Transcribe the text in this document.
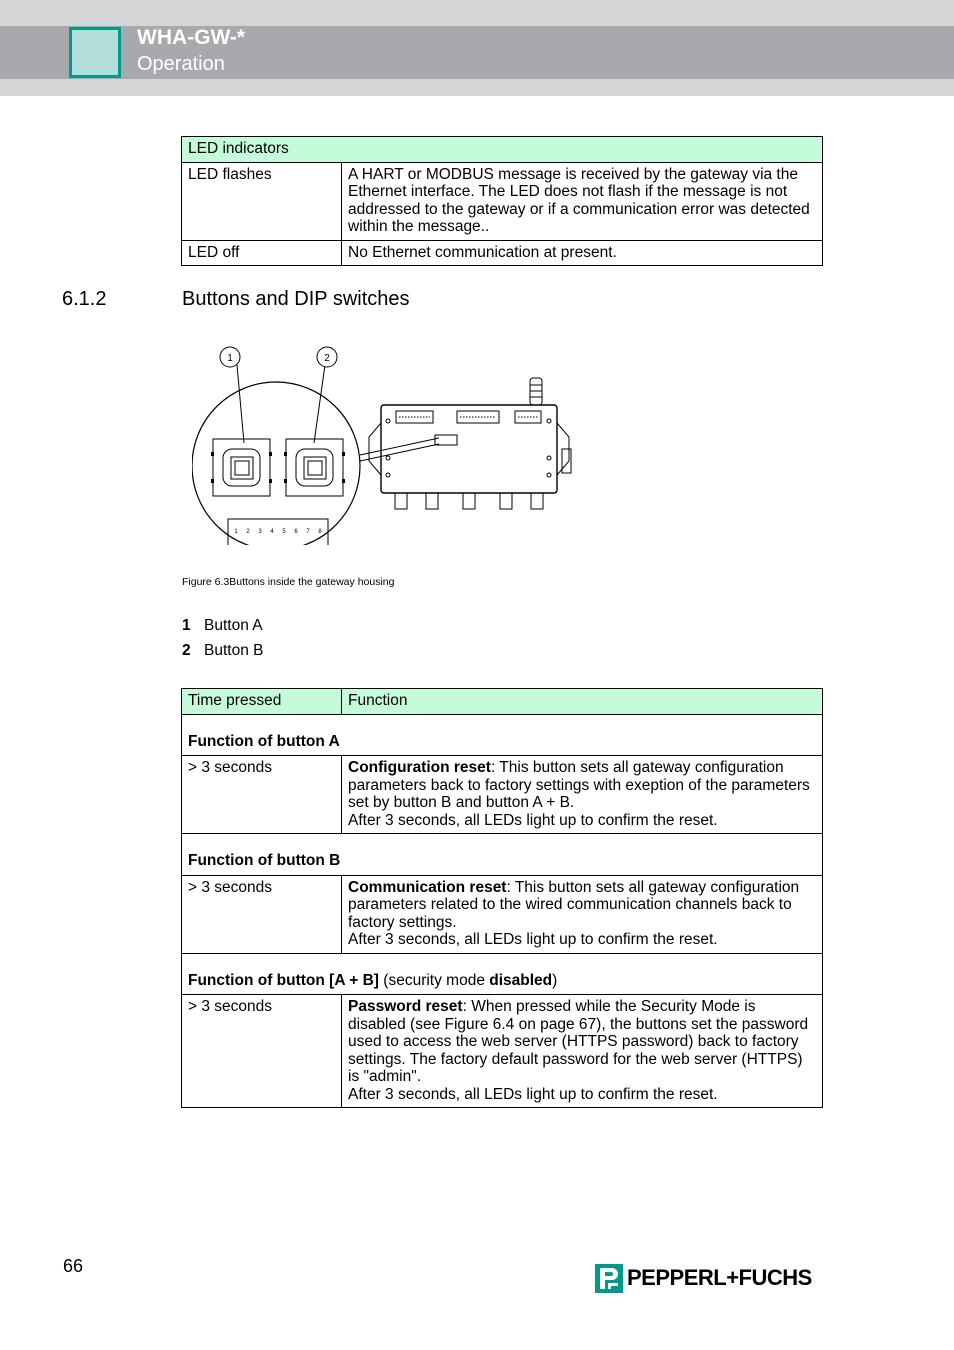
WHA-GW-*
Operation
LED indicators	
LED flashes	A HART or MODBUS message is received by the gateway via the Ethernet interface. The LED does not flash if the message is not addressed to the gateway or if a communication error was detected within the message..
LED off	No Ethernet communication at present.
6.1.2	Buttons and DIP switches
1	2
1 2 3 4 5 6 7 8
Figure 6.3Buttons inside the gateway housing
1 Button A
2 Button B
Time pressed	Function
Function of button A	
> 3 seconds	Configuration reset: This button sets all gateway configuration parameters back to factory settings with exeption of the parameters set by button B and button A + B.
After 3 seconds, all LEDs light up to confirm the reset.
Function of button B	
> 3 seconds	Communication reset: This button sets all gateway configuration parameters related to the wired communication channels back to factory settings.
After 3 seconds, all LEDs light up to confirm the reset.
Function of button [A + B] (security mode disabled)	
> 3 seconds	Password reset: When pressed while the Security Mode is disabled (see Figure 6.4 on page 67), the buttons set the password used to access the web server (HTTPS password) back to factory settings. The factory default password for the web server (HTTPS) is "admin".
After 3 seconds, all LEDs light up to confirm the reset.
66	PEPPERL+FUCHS
